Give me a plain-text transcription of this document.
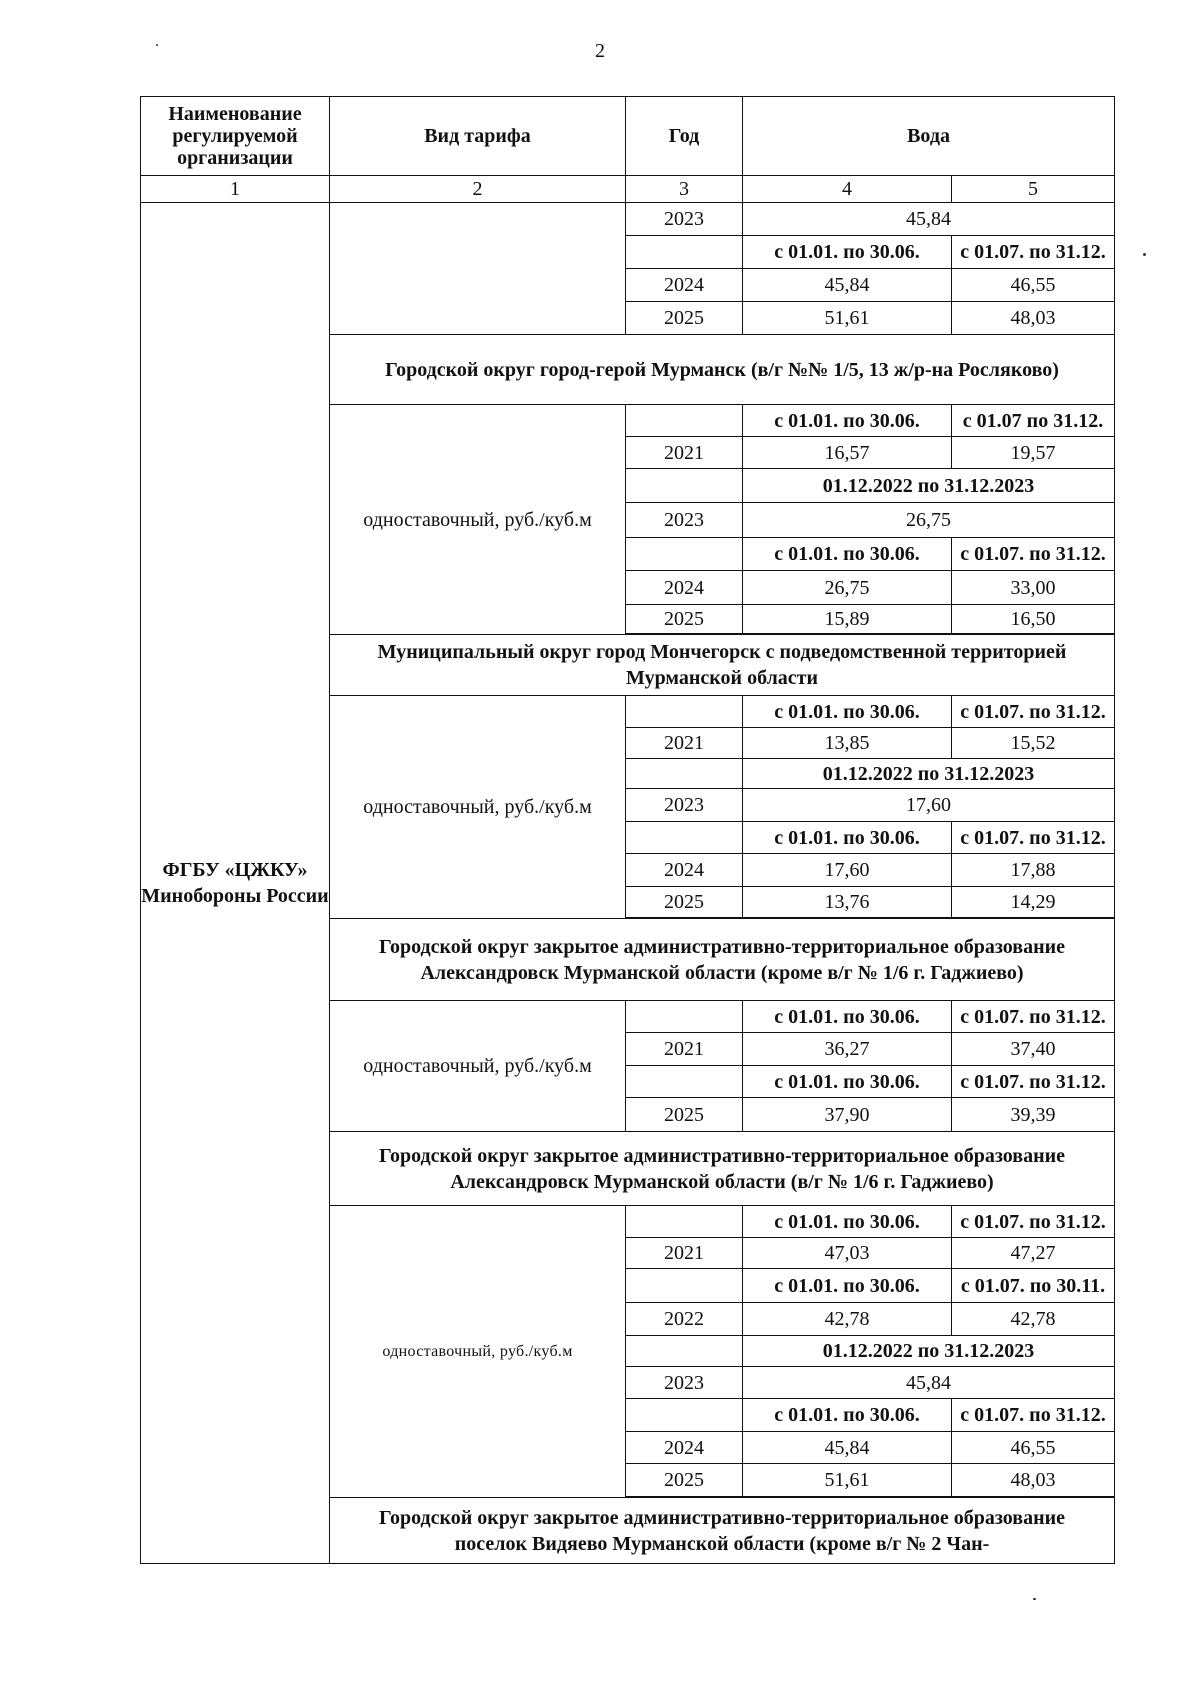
2
Наименование регулируемой организации	Вид тарифа	Год	Вода		
1	2	3	4	5	
ФГБУ «ЦЖКУ» Минобороны России		2023	45,84		
			с 01.01. по 30.06.	с 01.07. по 31.12.	
		2024	45,84	46,55	
		2025	51,61	48,03	
	Городской округ город-герой Мурманск (в/г №№ 1/5, 13 ж/р-на Росляково)				
	одноставочный, руб./куб.м		с 01.01. по 30.06.	с 01.07 по 31.12.	
		2021	16,57	19,57	
			01.12.2022 по 31.12.2023		
		2023	26,75		
			с 01.01. по 30.06.	с 01.07. по 31.12.	
		2024	26,75	33,00	
		2025	15,89	16,50	

	Муниципальный округ город Мончегорск с подведомственной территорией Мурманской области				
	одноставочный, руб./куб.м		с 01.01. по 30.06.	с 01.07. по 31.12.	
		2021	13,85	15,52	
			01.12.2022 по 31.12.2023		
		2023	17,60		
			с 01.01. по 30.06.	с 01.07. по 31.12.	
		2024	17,60	17,88	
		2025	13,76	14,29	

	Городской округ закрытое административно-территориальное образование Александровск Мурманской области (кроме в/г № 1/6 г. Гаджиево)				
	одноставочный, руб./куб.м		с 01.01. по 30.06.	с 01.07. по 31.12.	
		2021	36,27	37,40	
			с 01.01. по 30.06.	с 01.07. по 31.12.	
		2025	37,90	39,39	
	Городской округ закрытое административно-территориальное образование Александровск Мурманской области (в/г № 1/6 г. Гаджиево)				
	одноставочный, руб./куб.м		с 01.01. по 30.06.	с 01.07. по 31.12.	
		2021	47,03	47,27	
			с 01.01. по 30.06.	с 01.07. по 30.11.	
		2022	42,78	42,78	
			01.12.2022 по 31.12.2023		
		2023	45,84		
			с 01.01. по 30.06.	с 01.07. по 31.12.	
		2024	45,84	46,55	
		2025	51,61	48,03	

	Городской округ закрытое административно-территориальное образование поселок Видяево Мурманской области (кроме в/г № 2 Чан-				
